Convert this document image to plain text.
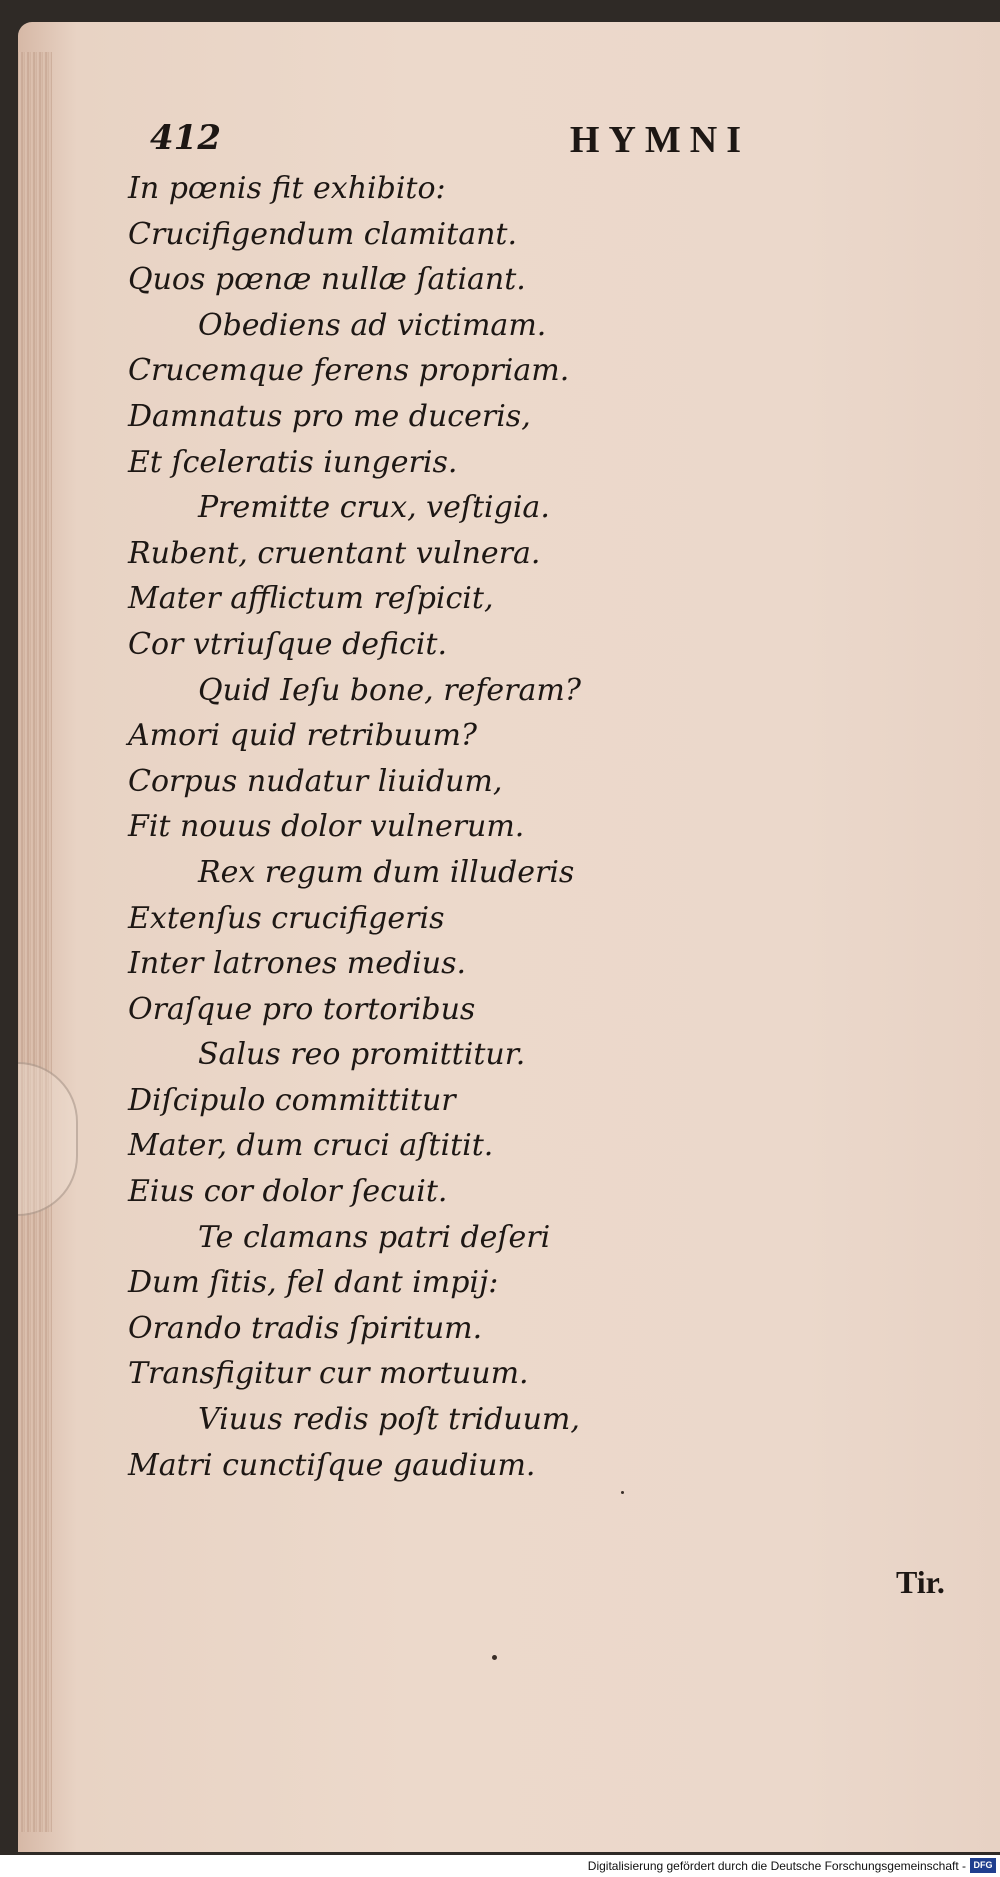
412	HYMNI
In pœnis fit exhibito:
Crucifigendum clamitant.
Quos pœnæ nullæ ſatiant.
Obediens ad victimam.
Crucemque ferens propriam.
Damnatus pro me duceris,
Et ſceleratis iungeris.
Premitte crux, veſtigia.
Rubent, cruentant vulnera.
Mater afflictum reſpicit,
Cor vtriuſque deficit.
Quid Ieſu bone, referam?
Amori quid retribuum?
Corpus nudatur liuidum,
Fit nouus dolor vulnerum.
Rex regum dum illuderis
Extenſus crucifigeris
Inter latrones medius.
Oraſque pro tortoribus
Salus reo promittitur.
Diſcipulo committitur
Mater, dum cruci aſtitit.
Eius cor dolor ſecuit.
Te clamans patri deſeri
Dum ſitis, fel dant impij:
Orando tradis ſpiritum.
Transfigitur cur mortuum.
Viuus redis poſt triduum,
Matri cunctiſque gaudium.
Tir.
Digitalisierung gefördert durch die Deutsche Forschungsgemeinschaft - DFG
